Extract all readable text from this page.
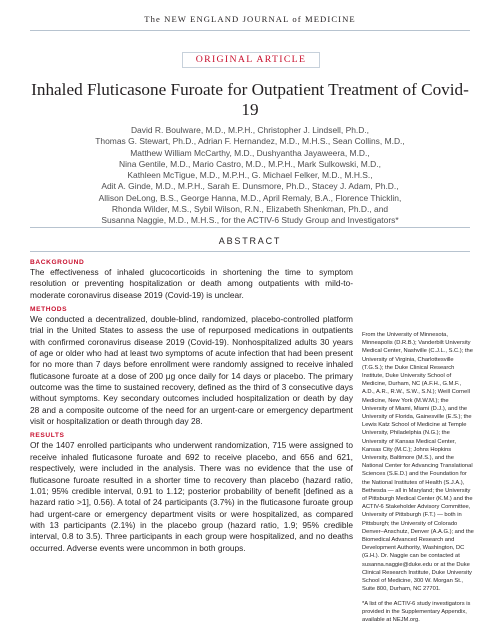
The NEW ENGLAND JOURNAL of MEDICINE
ORIGINAL ARTICLE
Inhaled Fluticasone Furoate for Outpatient Treatment of Covid-19
David R. Boulware, M.D., M.P.H., Christopher J. Lindsell, Ph.D.,
Thomas G. Stewart, Ph.D., Adrian F. Hernandez, M.D., M.H.S., Sean Collins, M.D.,
Matthew William McCarthy, M.D., Dushyantha Jayaweera, M.D.,
Nina Gentile, M.D., Mario Castro, M.D., M.P.H., Mark Sulkowski, M.D.,
Kathleen McTigue, M.D., M.P.H., G. Michael Felker, M.D., M.H.S.,
Adit A. Ginde, M.D., M.P.H., Sarah E. Dunsmore, Ph.D., Stacey J. Adam, Ph.D.,
Allison DeLong, B.S., George Hanna, M.D., April Remaly, B.A., Florence Thicklin,
Rhonda Wilder, M.S., Sybil Wilson, R.N., Elizabeth Shenkman, Ph.D., and
Susanna Naggie, M.D., M.H.S., for the ACTIV-6 Study Group and Investigators*
ABSTRACT

BACKGROUND

The effectiveness of inhaled glucocorticoids in shortening the time to symptom resolution or preventing hospitalization or death among outpatients with mild-to-moderate coronavirus disease 2019 (Covid-19) is unclear.

METHODS

We conducted a decentralized, double-blind, randomized, placebo-controlled platform trial in the United States to assess the use of repurposed medications in outpatients with confirmed coronavirus disease 2019 (Covid-19). Nonhospitalized adults 30 years of age or older who had at least two symptoms of acute infection that had been present for no more than 7 days before enrollment were randomly assigned to receive inhaled fluticasone furoate at a dose of 200 μg once daily for 14 days or placebo. The primary outcome was the time to sustained recovery, defined as the third of 3 consecutive days without symptoms. Key secondary outcomes included hospitalization or death by day 28 and a composite outcome of the need for an urgent-care or emergency department visit or hospitalization or death through day 28.

RESULTS

Of the 1407 enrolled participants who underwent randomization, 715 were assigned to receive inhaled fluticasone furoate and 692 to receive placebo, and 656 and 621, respectively, were included in the analysis. There was no evidence that the use of fluticasone furoate resulted in a shorter time to recovery than placebo (hazard ratio, 1.01; 95% credible interval, 0.91 to 1.12; posterior probability of benefit [defined as a hazard ratio >1], 0.56). A total of 24 participants (3.7%) in the fluticasone furoate group had urgent-care or emergency department visits or were hospitalized, as compared with 13 participants (2.1%) in the placebo group (hazard ratio, 1.9; 95% credible interval, 0.8 to 3.5). Three participants in each group were hospitalized, and no deaths occurred. Adverse events were uncommon in both groups.

From the University of Minnesota, Minneapolis (D.R.B.); Vanderbilt University Medical Center, Nashville (C.J.L., S.C.); the University of Virginia, Charlottesville (T.G.S.); the Duke Clinical Research Institute, Duke University School of Medicine, Durham, NC (A.F.H., G.M.F., A.D., A.R., R.W., S.W., S.N.); Weill Cornell Medicine, New York (M.W.M.); the University of Miami, Miami (D.J.), and the University of Florida, Gainesville (E.S.); the Lewis Katz School of Medicine at Temple University, Philadelphia (N.G.); the University of Kansas Medical Center, Kansas City (M.C.); Johns Hopkins University, Baltimore (M.S.), and the National Center for Advancing Translational Sciences (S.E.D.) and the Foundation for the National Institutes of Health (S.J.A.), Bethesda — all in Maryland; the University of Pittsburgh Medical Center (K.M.) and the ACTIV-6 Stakeholder Advisory Committee, University of Pittsburgh (F.T.) — both in Pittsburgh; the University of Colorado Denver–Anschutz, Denver (A.A.G.); and the Biomedical Advanced Research and Development Authority, Washington, DC (G.H.). Dr. Naggie can be contacted at susanna.naggie@duke.edu or at the Duke Clinical Research Institute, Duke University School of Medicine, 300 W. Morgan St., Suite 800, Durham, NC 27701.

*A list of the ACTIV-6 study investigators is provided in the Supplementary Appendix, available at NEJM.org.
